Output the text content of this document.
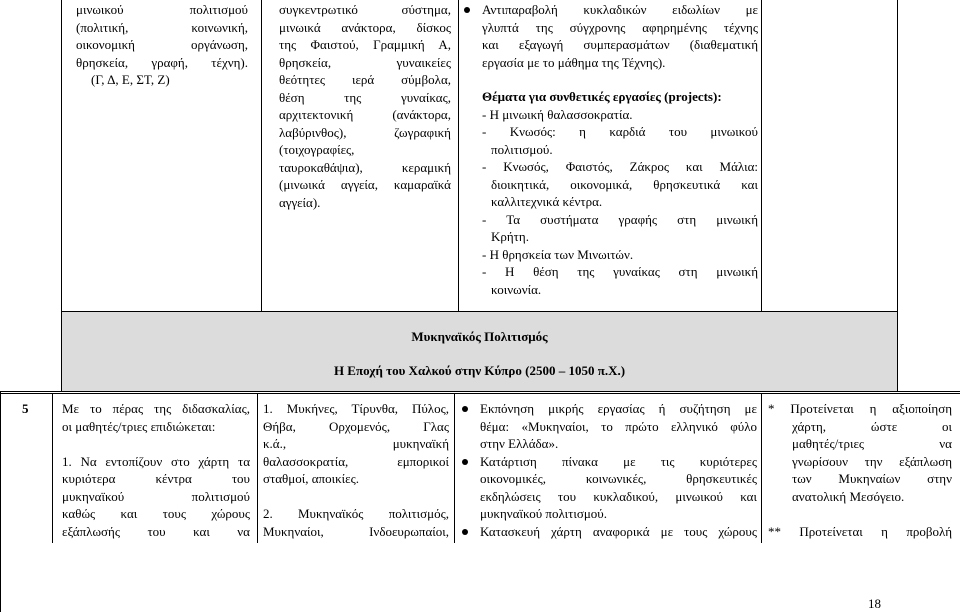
μινωικού πολιτισμού
(πολιτική, κοινωνική,
οικονομική οργάνωση,
θρησκεία, γραφή, τέχνη).
(Γ, Δ, Ε, ΣΤ, Ζ)
συγκεντρωτικό σύστημα,
μινωικά ανάκτορα, δίσκος
της Φαιστού, Γραμμική Α,
θρησκεία, γυναικείες
θεότητες ιερά σύμβολα,
θέση της γυναίκας,
αρχιτεκτονική (ανάκτορα,
λαβύρινθος), ζωγραφική
(τοιχογραφίες,
ταυροκαθάψια), κεραμική
(μινωικά αγγεία, καμαραϊκά
αγγεία).
Αντιπαραβολή κυκλαδικών ειδωλίων με
γλυπτά της σύγχρονης αφηρημένης τέχνης
και εξαγωγή συμπερασμάτων (διαθεματική
εργασία με το μάθημα της Τέχνης).
Θέματα για συνθετικές εργασίες (projects):
- Η μινωική θαλασσοκρατία.
- Κνωσός: η καρδιά του μινωικού
πολιτισμού.
- Κνωσός, Φαιστός, Ζάκρος και Μάλια:
διοικητικά, οικονομικά, θρησκευτικά και
καλλιτεχνικά κέντρα.
- Τα συστήματα γραφής στη μινωική
Κρήτη.
- Η θρησκεία των Μινωιτών.
- Η θέση της γυναίκας στη μινωική
κοινωνία.
Μυκηναϊκός Πολιτισμός
Η Εποχή του Χαλκού στην Κύπρο (2500 – 1050 π.Χ.)
5	Με το πέρας της διδασκαλίας,
οι μαθητές/τριες επιδιώκεται:
1. Να εντοπίζουν στο χάρτη τα
κυριότερα κέντρα του
μυκηναϊκού πολιτισμού
καθώς και τους χώρους
εξάπλωσής του και να
1. Μυκήνες, Τίρυνθα, Πύλος,
Θήβα, Ορχομενός, Γλας
κ.ά., μυκηναϊκή
θαλασσοκρατία, εμπορικοί
σταθμοί, αποικίες.
2. Μυκηναϊκός πολιτισμός,
Μυκηναίοι, Ινδοευρωπαίοι,
Εκπόνηση μικρής εργασίας ή συζήτηση με
θέμα: «Μυκηναίοι, το πρώτο ελληνικό φύλο
στην Ελλάδα».
Κατάρτιση πίνακα με τις κυριότερες
οικονομικές, κοινωνικές, θρησκευτικές
εκδηλώσεις του κυκλαδικού, μινωικού και
μυκηναϊκού πολιτισμού.
Κατασκευή χάρτη αναφορικά με τους χώρους
* Προτείνεται η αξιοποίηση
χάρτη, ώστε οι
μαθητές/τριες να
γνωρίσουν την εξάπλωση
των Μυκηναίων στην
ανατολική Μεσόγειο.
** Προτείνεται η προβολή
18
